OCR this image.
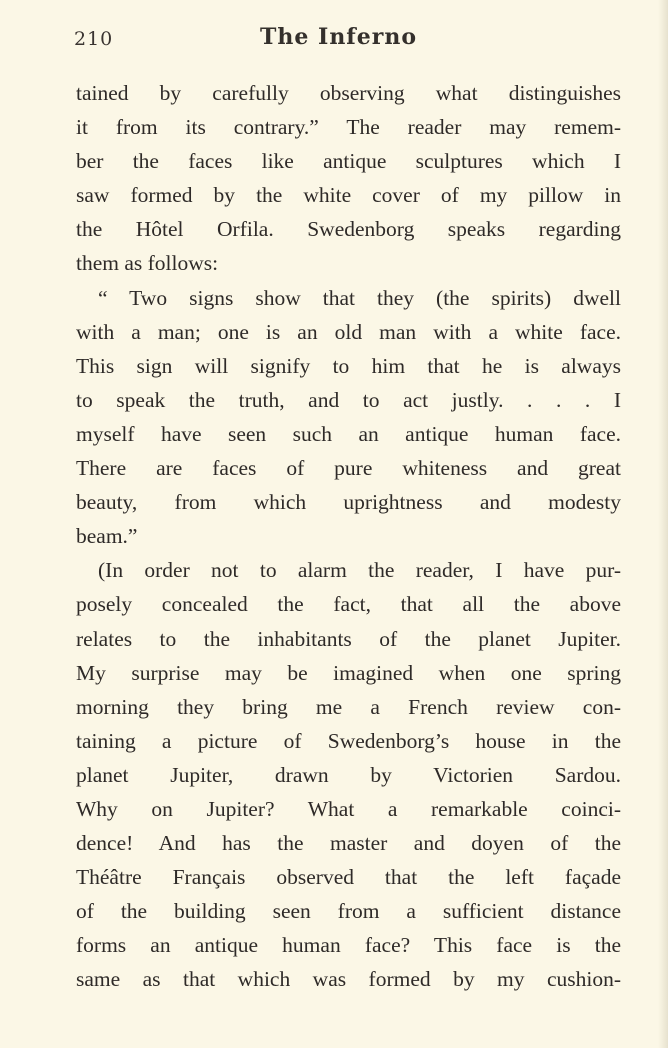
210	The Inferno
tained by carefully observing what distinguishes
it from its contrary.” The reader may remem-
ber the faces like antique sculptures which I
saw formed by the white cover of my pillow in
the Hôtel Orfila. Swedenborg speaks regarding
them as follows:
“ Two signs show that they (the spirits) dwell
with a man; one is an old man with a white face.
This sign will signify to him that he is always
to speak the truth, and to act justly. . . . I
myself have seen such an antique human face.
There are faces of pure whiteness and great
beauty, from which uprightness and modesty
beam.”
(In order not to alarm the reader, I have pur-
posely concealed the fact, that all the above
relates to the inhabitants of the planet Jupiter.
My surprise may be imagined when one spring
morning they bring me a French review con-
taining a picture of Swedenborg’s house in the
planet Jupiter, drawn by Victorien Sardou.
Why on Jupiter? What a remarkable coinci-
dence! And has the master and doyen of the
Théâtre Français observed that the left façade
of the building seen from a sufficient distance
forms an antique human face? This face is the
same as that which was formed by my cushion-
